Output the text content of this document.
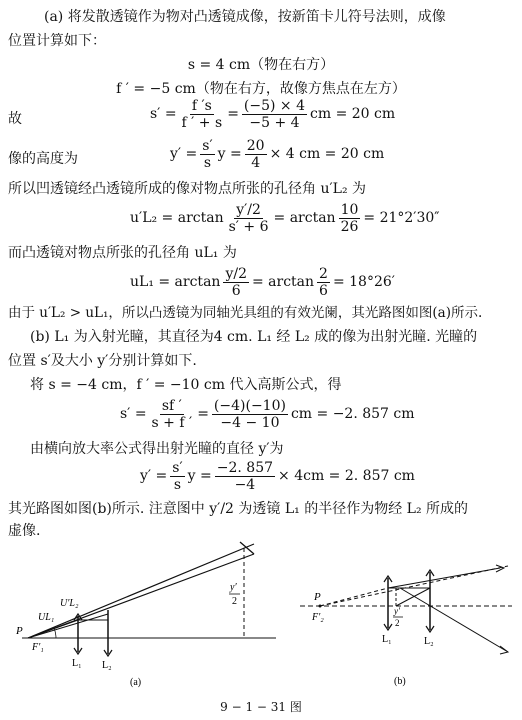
(a) 将发散透镜作为物对凸透镜成像，按新笛卡儿符号法则，成像
位置计算如下：
s = 4 cm（物在右方）
f ′ = −5 cm（物在右方，故像方焦点在左方）
故	$s' = \frac{f 's}{f ' + s} = \frac{(-5) \times 4}{-5 + 4}$ cm = 20 cm
像的高度为	$y' = \frac{s'}{s}$ $y = \frac{20}{4} \times 4$ cm = 20 cm
所以凹透镜经凸透镜所成的像对物点所张的孔径角 u′L₂ 为
$u'L_2 = \arctan \frac{y'/2}{s' + 6} = \arctan \frac{10}{26} = 21^\circ 2'30''$
而凸透镜对物点所张的孔径角 uL₁ 为
$uL_1 = \arctan \frac{y/2}{6} = \arctan \frac{2}{6} = 18^\circ 26'$
由于 u′L₂ > uL₁，所以凸透镜为同轴光具组的有效光阑，其光路图如图(a)所示.
(b) L₁ 为入射光瞳，其直径为4 cm. L₁ 经 L₂ 成的像为出射光瞳. 光瞳的
位置 s′及大小 y′分别计算如下.
将 s = −4 cm，f ′ = −10 cm 代入高斯公式，得
$s' = \frac{sf '}{s + f '} = \frac{(-4)(-10)}{-4 - 10}$ cm = −2. 857 cm
由横向放大率公式得出射光瞳的直径 y′为
$y' = \frac{s'}{s}$ $y = \frac{-2. 857}{-4} \times 4cm = 2$. 857 cm
其光路图如图(b)所示. 注意图中 y′/2 为透镜 L₁ 的半径作为物经 L₂ 所成的
虚像.
P
F′₁
UL₁
U′L₂
L₁ L₂
y′
2
(a)
P
F′₂
y′
2
L₁	L₂
(b)
9 − 1 − 31 图
